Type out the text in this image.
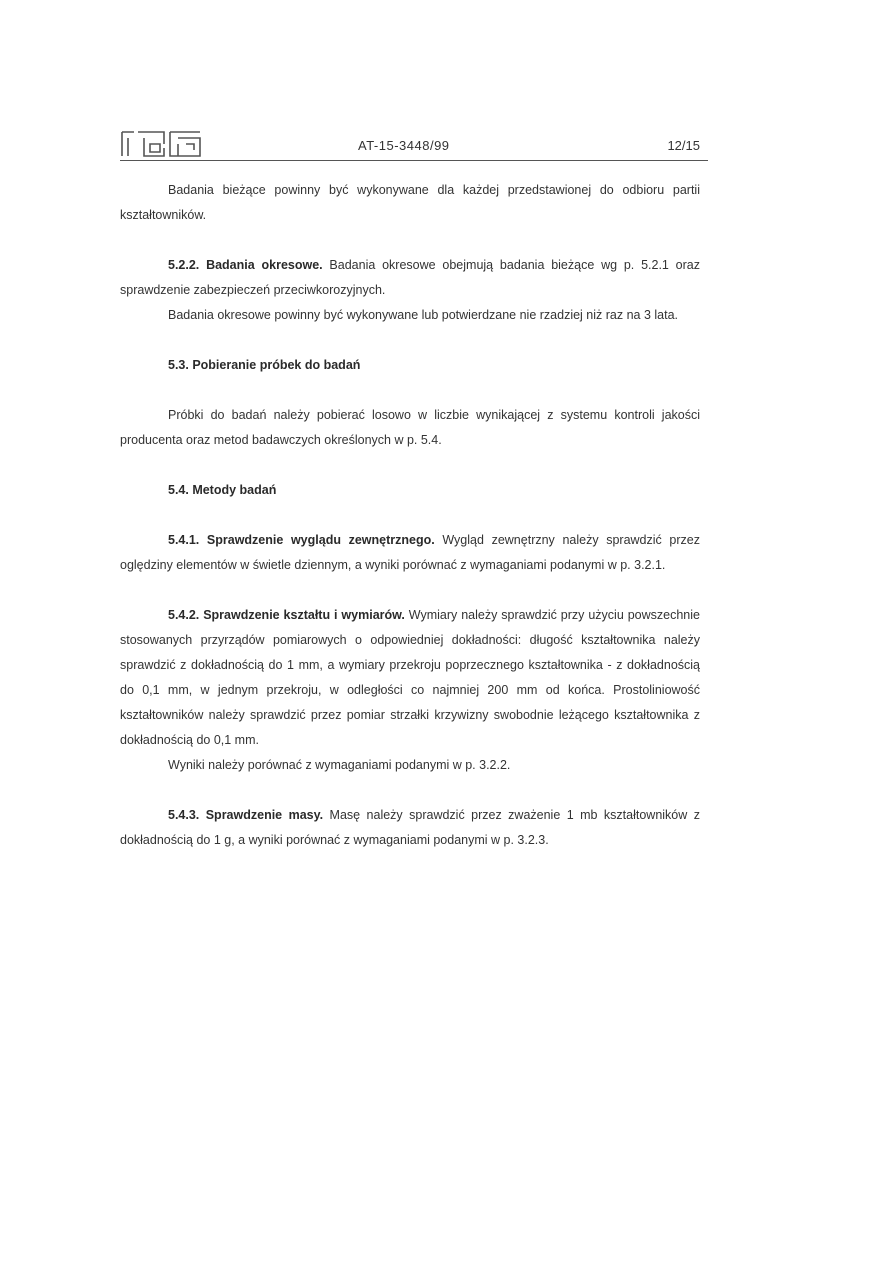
AT-15-3448/99	12/15

Badania bieżące powinny być wykonywane dla każdej przedstawionej do odbioru partii kształtowników.

5.2.2. Badania okresowe. Badania okresowe obejmują badania bieżące wg p. 5.2.1 oraz sprawdzenie zabezpieczeń przeciwkorozyjnych.

Badania okresowe powinny być wykonywane lub potwierdzane nie rzadziej niż raz na 3 lata.

5.3. Pobieranie próbek do badań

Próbki do badań należy pobierać losowo w liczbie wynikającej z systemu kontroli jakości producenta oraz metod badawczych określonych w p. 5.4.

5.4. Metody badań

5.4.1. Sprawdzenie wyglądu zewnętrznego. Wygląd zewnętrzny należy sprawdzić przez oględziny elementów w świetle dziennym, a wyniki porównać z wymaganiami podanymi w p. 3.2.1.

5.4.2. Sprawdzenie kształtu i wymiarów. Wymiary należy sprawdzić przy użyciu powszechnie stosowanych przyrządów pomiarowych o odpowiedniej dokładności: długość kształtownika należy sprawdzić z dokładnością do 1 mm, a wymiary przekroju poprzecznego kształtownika - z dokładnością do 0,1 mm, w jednym przekroju, w odległości co najmniej 200 mm od końca. Prostoliniowość kształtowników należy sprawdzić przez pomiar strzałki krzywizny swobodnie leżącego kształtownika z dokładnością do 0,1 mm.

Wyniki należy porównać z wymaganiami podanymi w p. 3.2.2.

5.4.3. Sprawdzenie masy. Masę należy sprawdzić przez zważenie 1 mb kształtowników z dokładnością do 1 g, a wyniki porównać z wymaganiami podanymi w p. 3.2.3.
